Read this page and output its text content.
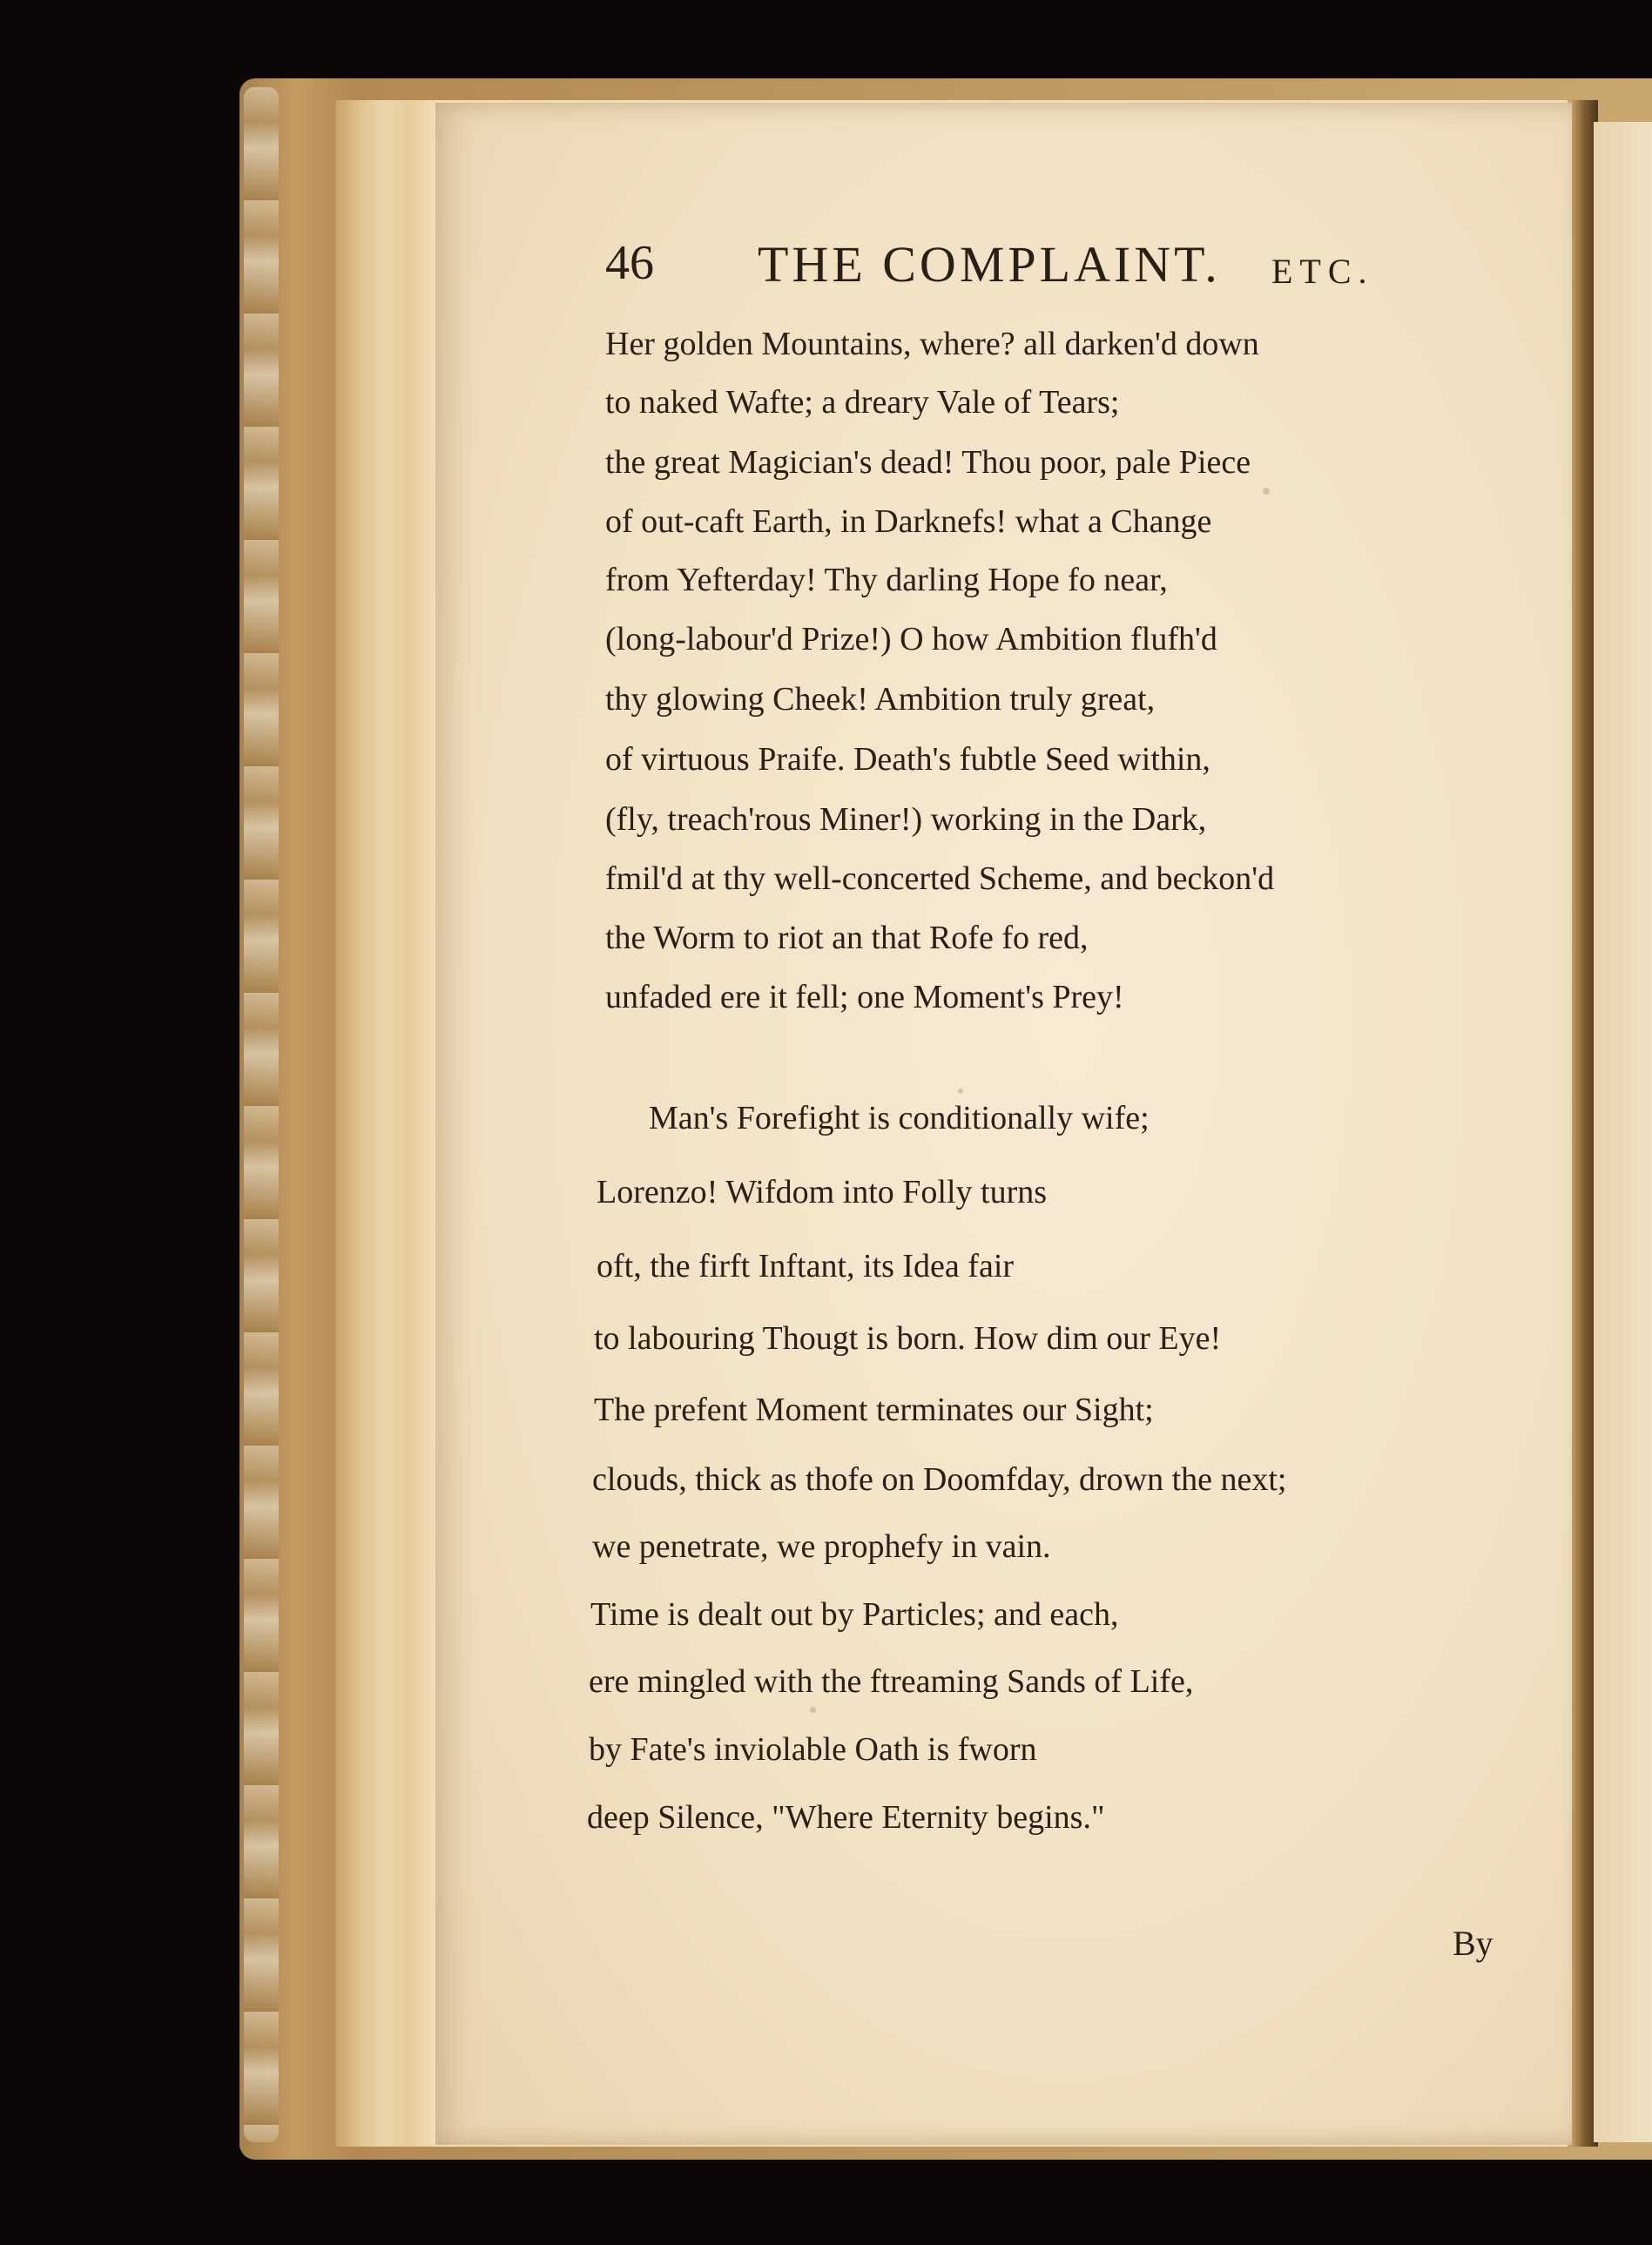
46 THE COMPLAINT. ETC.
Her golden Mountains, where? all darken'd down
to naked Wafte; a dreary Vale of Tears;
the great Magician's dead! Thou poor, pale Piece
of out-caft Earth, in Darknefs! what a Change
from Yefterday! Thy darling Hope fo near,
(long-labour'd Prize!) O how Ambition flufh'd
thy glowing Cheek! Ambition truly great,
of virtuous Praife. Death's fubtle Seed within,
(fly, treach'rous Miner!) working in the Dark,
fmil'd at thy well-concerted Scheme, and beckon'd
the Worm to riot an that Rofe fo red,
unfaded ere it fell; one Moment's Prey!
Man's Forefight is conditionally wife;
Lorenzo! Wifdom into Folly turns
oft, the firft Inftant, its Idea fair
to labouring Thougt is born. How dim our Eye!
The prefent Moment terminates our Sight;
clouds, thick as thofe on Doomfday, drown the next;
we penetrate, we prophefy in vain.
Time is dealt out by Particles; and each,
ere mingled with the ftreaming Sands of Life,
by Fate's inviolable Oath is fworn
deep Silence, "Where Eternity begins."
By
